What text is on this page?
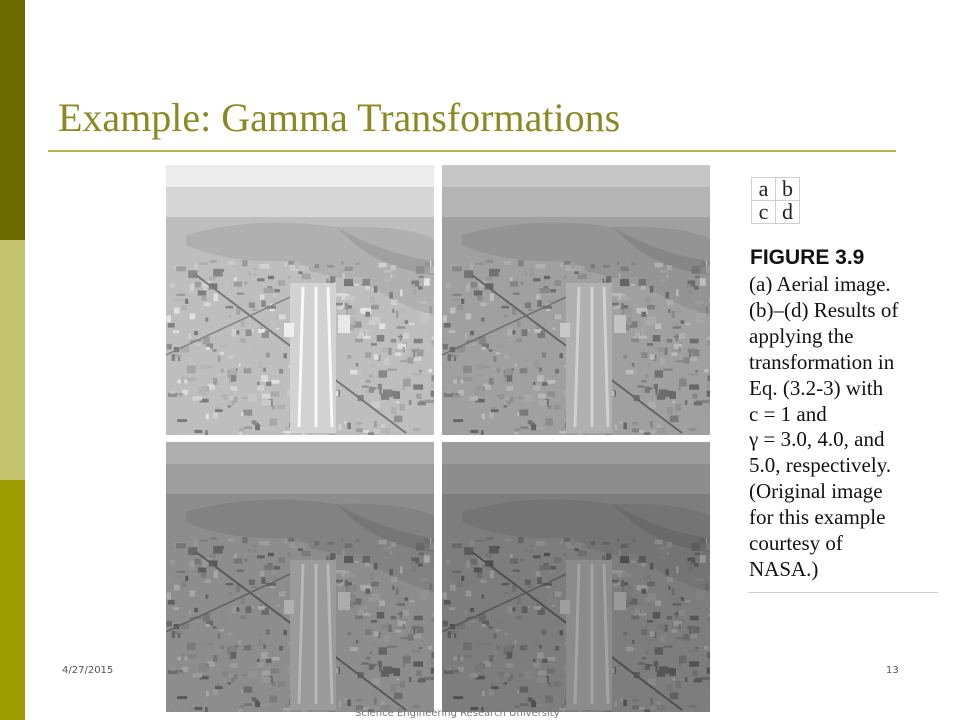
Example: Gamma Transformations
a	b
c	d
FIGURE 3.9
(a) Aerial image.
(b)–(d) Results of
applying the
transformation in
Eq. (3.2-3) with
c = 1 and
γ = 3.0, 4.0, and
5.0, respectively.
(Original image
for this example
courtesy of
NASA.)
4/27/2015	13
Science Engineering Research University
